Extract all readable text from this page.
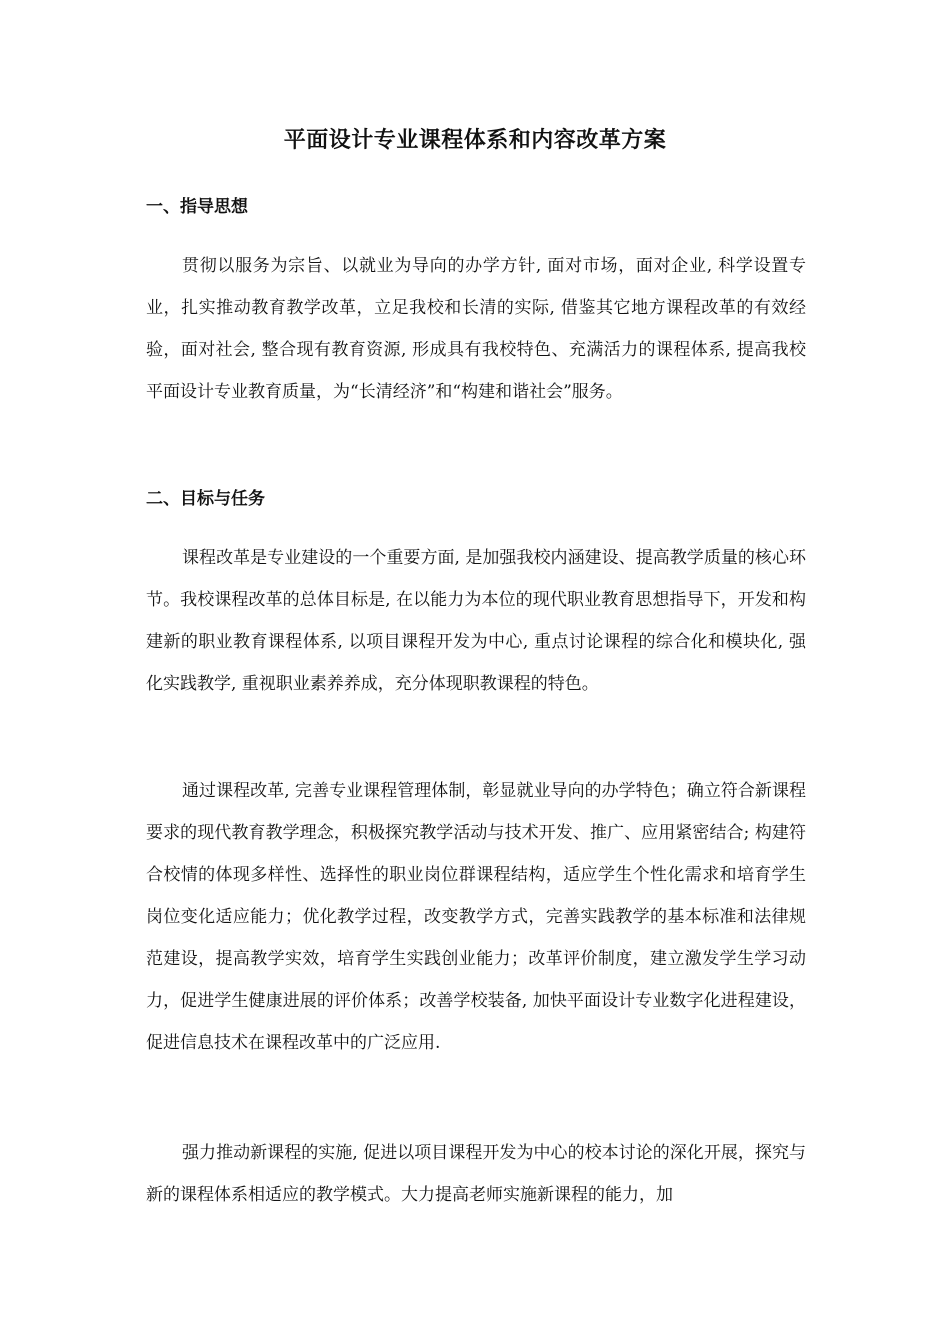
平面设计专业课程体系和内容改革方案
一、指导思想

贯彻以服务为宗旨、以就业为导向的办学方针, 面对市场，面对企业, 科学设置专业，扎实推动教育教学改革，立足我校和长清的实际, 借鉴其它地方课程改革的有效经验，面对社会, 整合现有教育资源, 形成具有我校特色、充满活力的课程体系, 提高我校平面设计专业教育质量，为“长清经济”和“构建和谐社会”服务。

二、目标与任务

课程改革是专业建设的一个重要方面, 是加强我校内涵建设、提高教学质量的核心环节。我校课程改革的总体目标是, 在以能力为本位的现代职业教育思想指导下，开发和构建新的职业教育课程体系, 以项目课程开发为中心, 重点讨论课程的综合化和模块化, 强化实践教学, 重视职业素养养成，充分体现职教课程的特色。

通过课程改革, 完善专业课程管理体制，彰显就业导向的办学特色；确立符合新课程要求的现代教育教学理念，积极探究教学活动与技术开发、推广、应用紧密结合; 构建符合校情的体现多样性、选择性的职业岗位群课程结构，适应学生个性化需求和培育学生岗位变化适应能力；优化教学过程，改变教学方式，完善实践教学的基本标准和法律规范建设，提高教学实效，培育学生实践创业能力；改革评价制度，建立激发学生学习动力，促进学生健康进展的评价体系；改善学校装备, 加快平面设计专业数字化进程建设，促进信息技术在课程改革中的广泛应用.

强力推动新课程的实施, 促进以项目课程开发为中心的校本讨论的深化开展，探究与新的课程体系相适应的教学模式。大力提高老师实施新课程的能力，加
